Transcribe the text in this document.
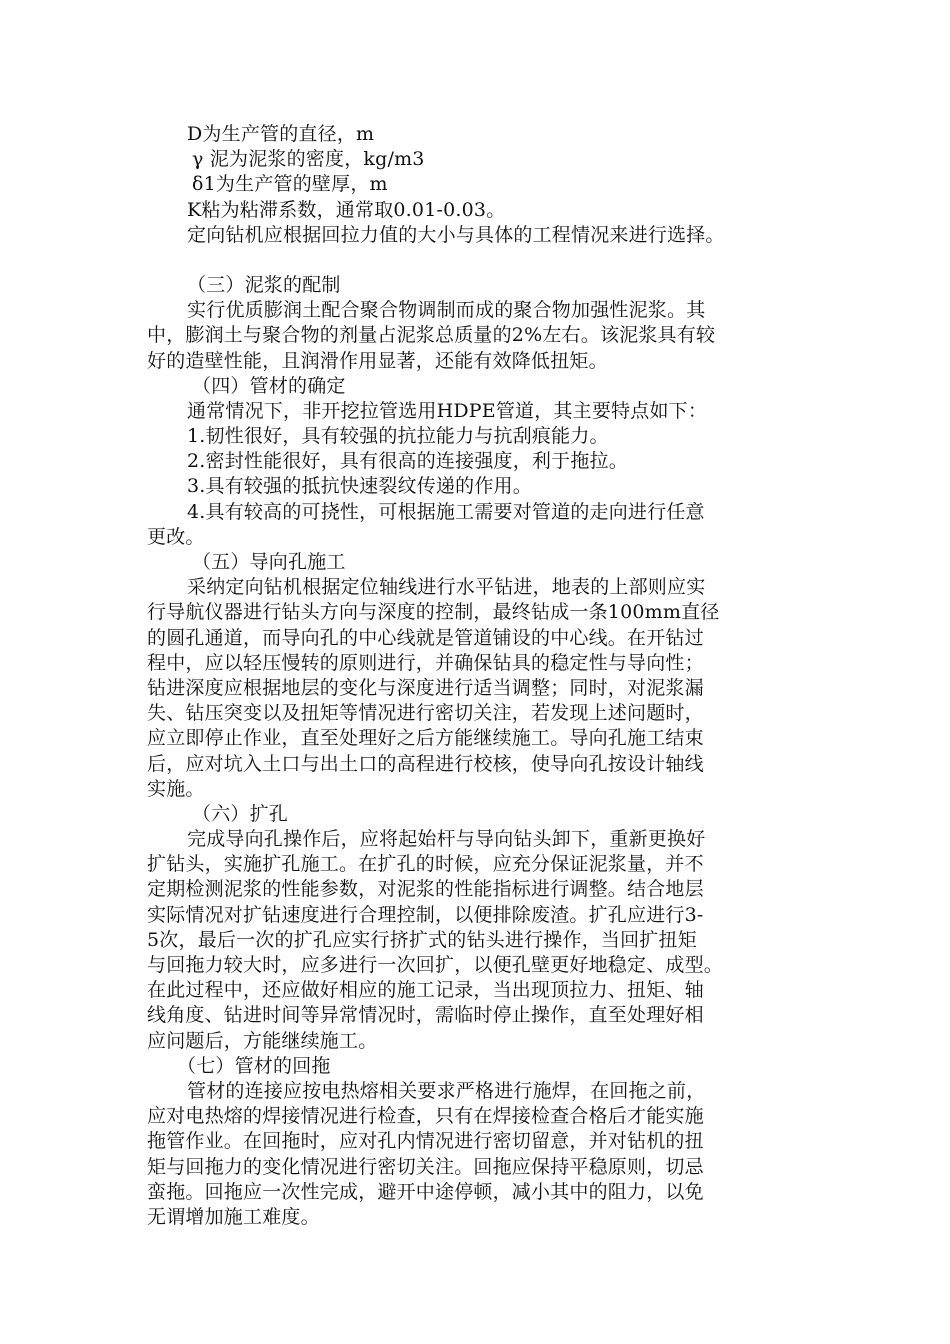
D为生产管的直径，m
γ 泥为泥浆的密度，kg/m3
δ1为生产管的壁厚，m
K粘为粘滞系数，通常取0.01-0.03。
定向钻机应根据回拉力值的大小与具体的工程情况来进行选择。
（三）泥浆的配制
实行优质膨润土配合聚合物调制而成的聚合物加强性泥浆。其
中，膨润土与聚合物的剂量占泥浆总质量的2%左右。该泥浆具有较
好的造壁性能，且润滑作用显著，还能有效降低扭矩。
（四）管材的确定
通常情况下，非开挖拉管选用HDPE管道，其主要特点如下：
1.韧性很好，具有较强的抗拉能力与抗刮痕能力。
2.密封性能很好，具有很高的连接强度，利于拖拉。
3.具有较强的抵抗快速裂纹传递的作用。
4.具有较高的可挠性，可根据施工需要对管道的走向进行任意
更改。
（五）导向孔施工
采纳定向钻机根据定位轴线进行水平钻进，地表的上部则应实
行导航仪器进行钻头方向与深度的控制，最终钻成一条100mm直径
的圆孔通道，而导向孔的中心线就是管道铺设的中心线。在开钻过
程中，应以轻压慢转的原则进行，并确保钻具的稳定性与导向性；
钻进深度应根据地层的变化与深度进行适当调整；同时，对泥浆漏
失、钻压突变以及扭矩等情况进行密切关注，若发现上述问题时，
应立即停止作业，直至处理好之后方能继续施工。导向孔施工结束
后，应对坑入土口与出土口的高程进行校核，使导向孔按设计轴线
实施。
（六）扩孔
完成导向孔操作后，应将起始杆与导向钻头卸下，重新更换好
扩钻头，实施扩孔施工。在扩孔的时候，应充分保证泥浆量，并不
定期检测泥浆的性能参数，对泥浆的性能指标进行调整。结合地层
实际情况对扩钻速度进行合理控制，以便排除废渣。扩孔应进行3-
5次，最后一次的扩孔应实行挤扩式的钻头进行操作，当回扩扭矩
与回拖力较大时，应多进行一次回扩，以便孔壁更好地稳定、成型。
在此过程中，还应做好相应的施工记录，当出现顶拉力、扭矩、轴
线角度、钻进时间等异常情况时，需临时停止操作，直至处理好相
应问题后，方能继续施工。
（七）管材的回拖
管材的连接应按电热熔相关要求严格进行施焊，在回拖之前，
应对电热熔的焊接情况进行检查，只有在焊接检查合格后才能实施
拖管作业。在回拖时，应对孔内情况进行密切留意，并对钻机的扭
矩与回拖力的变化情况进行密切关注。回拖应保持平稳原则，切忌
蛮拖。回拖应一次性完成，避开中途停顿，减小其中的阻力，以免
无谓增加施工难度。
